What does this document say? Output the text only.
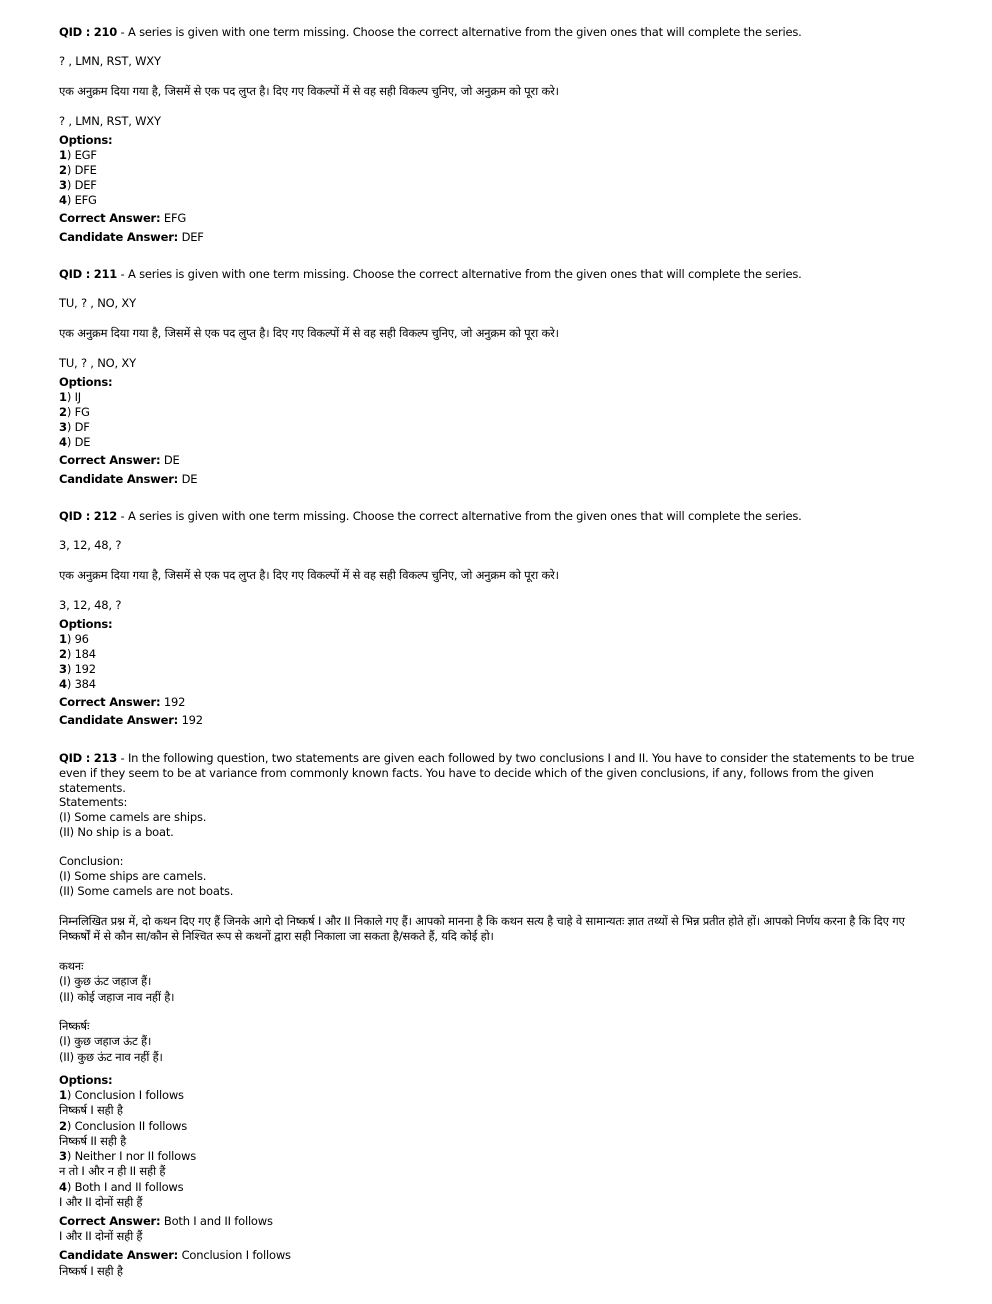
QID : 210 - A series is given with one term missing. Choose the correct alternative from the given ones that will complete the series.
? , LMN, RST, WXY
एक अनुक्रम दिया गया है, जिसमें से एक पद लुप्त है। दिए गए विकल्पों में से वह सही विकल्प चुनिए, जो अनुक्रम को पूरा करे।
? , LMN, RST, WXY
Options:
1) EGF
2) DFE
3) DEF
4) EFG
Correct Answer: EFG
Candidate Answer: DEF
QID : 211 - A series is given with one term missing. Choose the correct alternative from the given ones that will complete the series.
TU, ? , NO, XY
एक अनुक्रम दिया गया है, जिसमें से एक पद लुप्त है। दिए गए विकल्पों में से वह सही विकल्प चुनिए, जो अनुक्रम को पूरा करे।
TU, ? , NO, XY
Options:
1) IJ
2) FG
3) DF
4) DE
Correct Answer: DE
Candidate Answer: DE
QID : 212 - A series is given with one term missing. Choose the correct alternative from the given ones that will complete the series.
3, 12, 48, ?
एक अनुक्रम दिया गया है, जिसमें से एक पद लुप्त है। दिए गए विकल्पों में से वह सही विकल्प चुनिए, जो अनुक्रम को पूरा करे।
3, 12, 48, ?
Options:
1) 96
2) 184
3) 192
4) 384
Correct Answer: 192
Candidate Answer: 192
QID : 213 - In the following question, two statements are given each followed by two conclusions I and II. You have to consider the statements to be true even if they seem to be at variance from commonly known facts. You have to decide which of the given conclusions, if any, follows from the given statements.
Statements:
(I) Some camels are ships.
(II) No ship is a boat.
Conclusion:
(I) Some ships are camels.
(II) Some camels are not boats.
निम्नलिखित प्रश्न में, दो कथन दिए गए हैं जिनके आगे दो निष्कर्ष I और II निकाले गए हैं। आपको मानना है कि कथन सत्य है चाहे वे सामान्यतः ज्ञात तथ्यों से भिन्न प्रतीत होते हों। आपको निर्णय करना है कि दिए गए निष्कर्षों में से कौन सा/कौन से निश्चित रूप से कथनों द्वारा सही निकाला जा सकता है/सकते हैं, यदि कोई हो।
कथनः
(I) कुछ ऊंट जहाज हैं।
(II) कोई जहाज नाव नहीं है।
निष्कर्षः
(I) कुछ जहाज ऊंट हैं।
(II) कुछ ऊंट नाव नहीं हैं।
Options:
1) Conclusion I follows
निष्कर्ष I सही है
2) Conclusion II follows
निष्कर्ष II सही है
3) Neither I nor II follows
न तो I और न ही II सही हैं
4) Both I and II follows
I और II दोनों सही हैं
Correct Answer: Both I and II follows
I और II दोनों सही हैं
Candidate Answer: Conclusion I follows
निष्कर्ष I सही है
